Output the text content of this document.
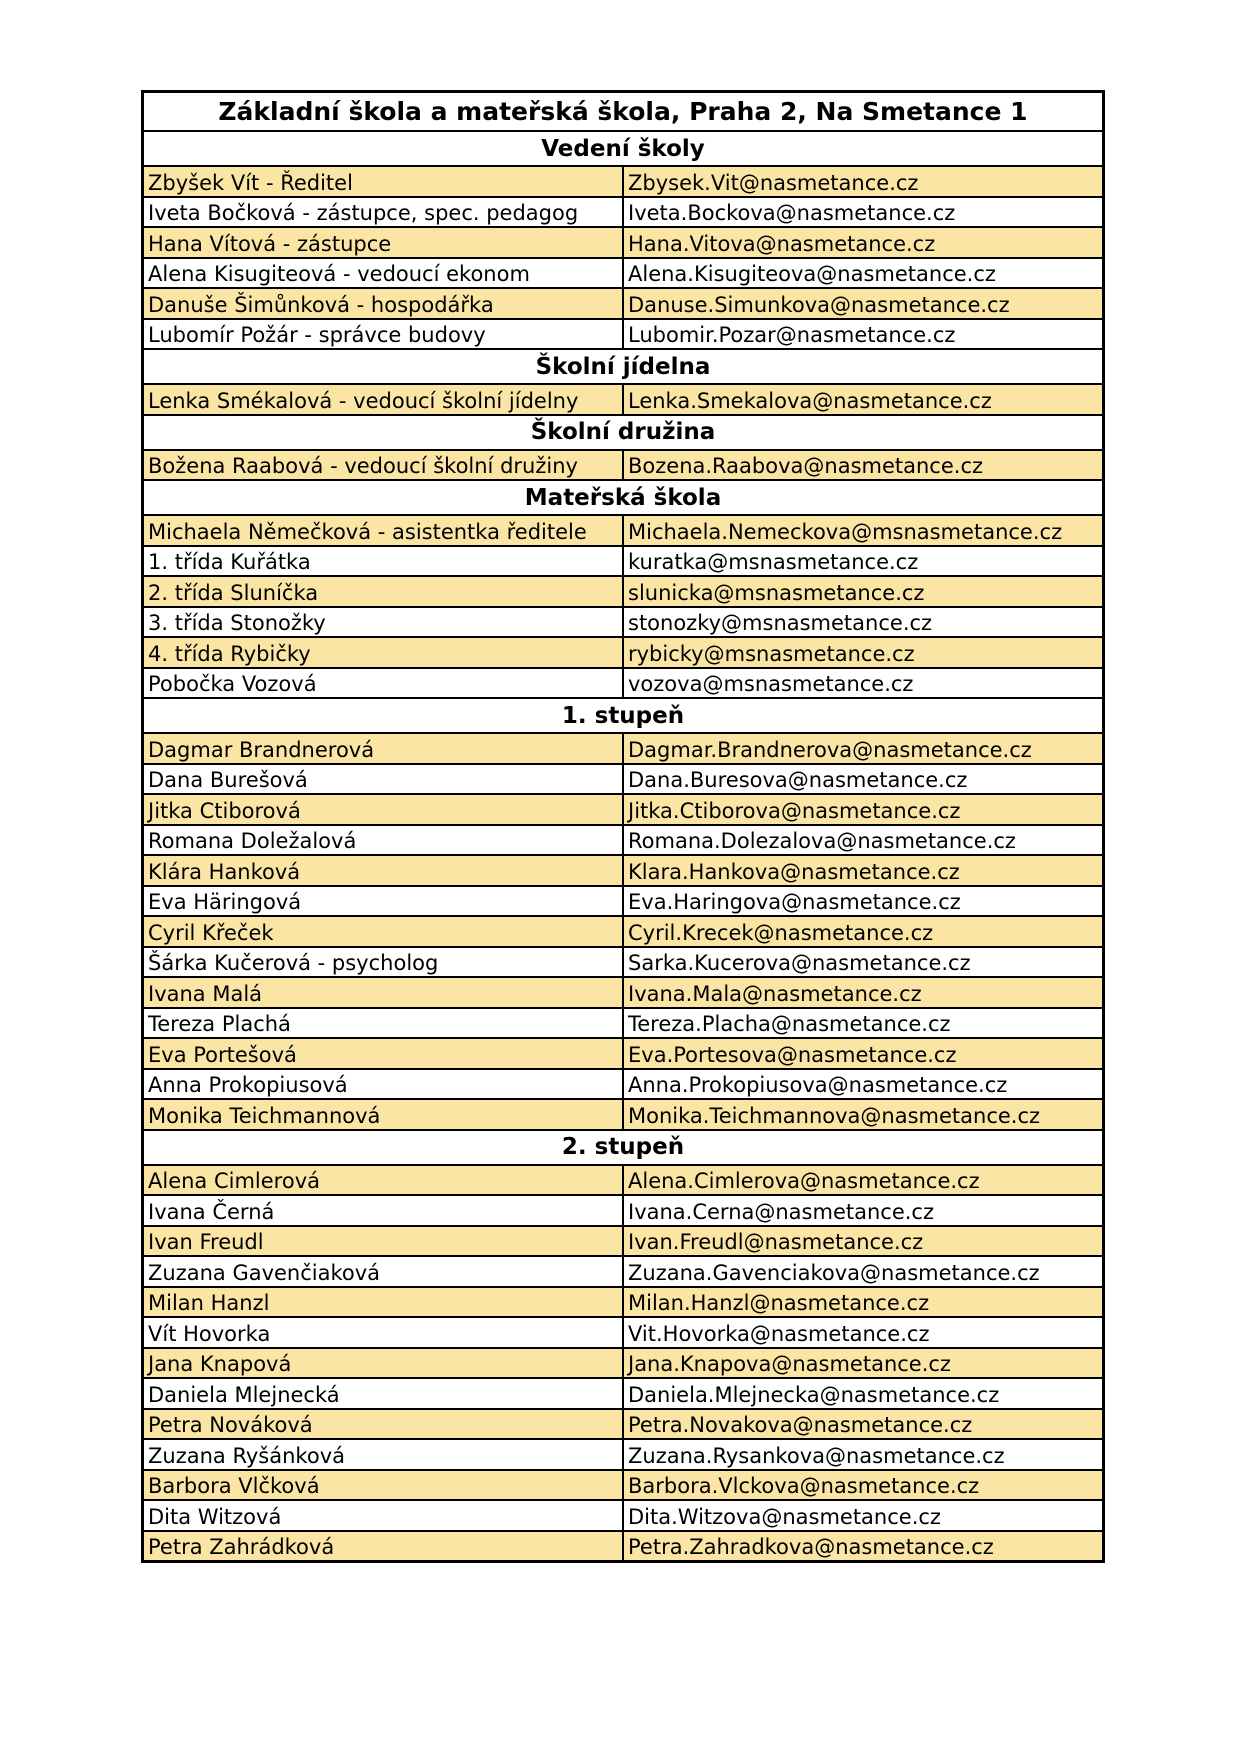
Základní škola a mateřská škola, Praha 2, Na Smetance 1	
Vedení školy	
Zbyšek Vít - Ředitel	Zbysek.Vit@nasmetance.cz
Iveta Bočková - zástupce, spec. pedagog	Iveta.Bockova@nasmetance.cz
Hana Vítová - zástupce	Hana.Vitova@nasmetance.cz
Alena Kisugiteová - vedoucí ekonom	Alena.Kisugiteova@nasmetance.cz
Danuše Šimůnková - hospodářka	Danuse.Simunkova@nasmetance.cz
Lubomír Požár - správce budovy	Lubomir.Pozar@nasmetance.cz
Školní jídelna	
Lenka Smékalová - vedoucí školní jídelny	Lenka.Smekalova@nasmetance.cz
Školní družina	
Božena Raabová - vedoucí školní družiny	Bozena.Raabova@nasmetance.cz
Mateřská škola	
Michaela Němečková - asistentka ředitele	Michaela.Nemeckova@msnasmetance.cz
1. třída Kuřátka	kuratka@msnasmetance.cz
2. třída Sluníčka	slunicka@msnasmetance.cz
3. třída Stonožky	stonozky@msnasmetance.cz
4. třída Rybičky	rybicky@msnasmetance.cz
Pobočka Vozová	vozova@msnasmetance.cz
1. stupeň	
Dagmar Brandnerová	Dagmar.Brandnerova@nasmetance.cz
Dana Burešová	Dana.Buresova@nasmetance.cz
Jitka Ctiborová	Jitka.Ctiborova@nasmetance.cz
Romana Doležalová	Romana.Dolezalova@nasmetance.cz
Klára Hanková	Klara.Hankova@nasmetance.cz
Eva Häringová	Eva.Haringova@nasmetance.cz
Cyril Křeček	Cyril.Krecek@nasmetance.cz
Šárka Kučerová - psycholog	Sarka.Kucerova@nasmetance.cz
Ivana Malá	Ivana.Mala@nasmetance.cz
Tereza Plachá	Tereza.Placha@nasmetance.cz
Eva Portešová	Eva.Portesova@nasmetance.cz
Anna Prokopiusová	Anna.Prokopiusova@nasmetance.cz
Monika Teichmannová	Monika.Teichmannova@nasmetance.cz
2. stupeň	
Alena Cimlerová	Alena.Cimlerova@nasmetance.cz
Ivana Černá	Ivana.Cerna@nasmetance.cz
Ivan Freudl	Ivan.Freudl@nasmetance.cz
Zuzana Gavenčiaková	Zuzana.Gavenciakova@nasmetance.cz
Milan Hanzl	Milan.Hanzl@nasmetance.cz
Vít Hovorka	Vit.Hovorka@nasmetance.cz
Jana Knapová	Jana.Knapova@nasmetance.cz
Daniela Mlejnecká	Daniela.Mlejnecka@nasmetance.cz
Petra Nováková	Petra.Novakova@nasmetance.cz
Zuzana Ryšánková	Zuzana.Rysankova@nasmetance.cz
Barbora Vlčková	Barbora.Vlckova@nasmetance.cz
Dita Witzová	Dita.Witzova@nasmetance.cz
Petra Zahrádková	Petra.Zahradkova@nasmetance.cz
